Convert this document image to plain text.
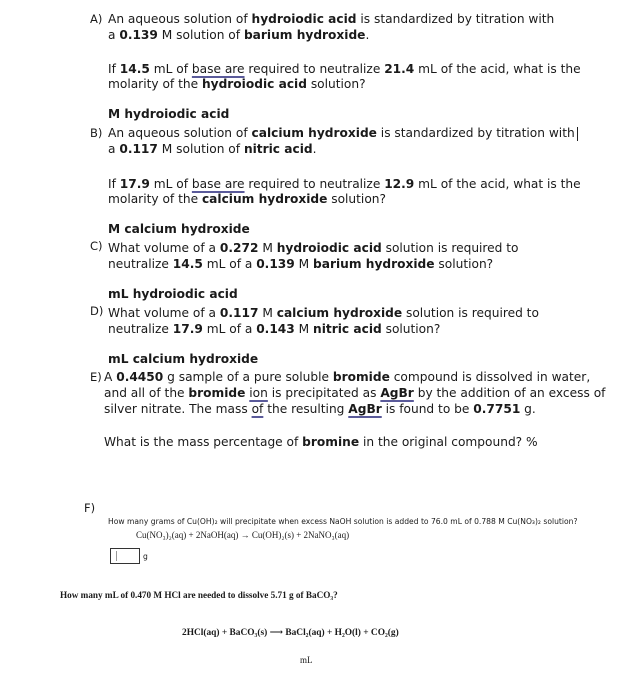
A) An aqueous solution of hydroiodic acid is standardized by titration with
a 0.139 M solution of barium hydroxide.
If 14.5 mL of base are required to neutralize 21.4 mL of the acid, what is the
molarity of the hydroiodic acid solution?
M hydroiodic acid
B) An aqueous solution of calcium hydroxide is standardized by titration with
a 0.117 M solution of nitric acid.
If 17.9 mL of base are required to neutralize 12.9 mL of the acid, what is the
molarity of the calcium hydroxide solution?
M calcium hydroxide
C) What volume of a 0.272 M hydroiodic acid solution is required to
neutralize 14.5 mL of a 0.139 M barium hydroxide solution?
mL hydroiodic acid
D) What volume of a 0.117 M calcium hydroxide solution is required to
neutralize 17.9 mL of a 0.143 M nitric acid solution?
mL calcium hydroxide
E) A 0.4450 g sample of a pure soluble bromide compound is dissolved in water,
and all of the bromide ion is precipitated as AgBr by the addition of an excess of
silver nitrate. The mass of the resulting AgBr is found to be 0.7751 g.
What is the mass percentage of bromine in the original compound? %
F)
How many grams of Cu(OH)₂ will precipitate when excess NaOH solution is added to 76.0 mL of 0.788 M Cu(NO₃)₂ solution?
Cu(NO₃)₂(aq) + 2NaOH(aq) → Cu(OH)₂(s) + 2NaNO₃(aq)
g
How many mL of 0.470 M HCl are needed to dissolve 5.71 g of BaCO₃?
2HCl(aq) + BaCO₃(s) ⟶ BaCl₂(aq) + H₂O(l) + CO₂(g)
mL
